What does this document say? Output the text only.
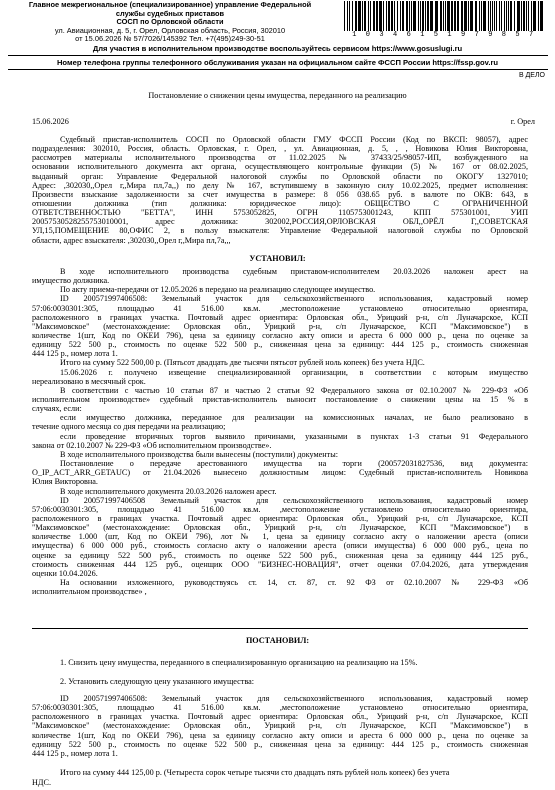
Главное межрегиональное (специализированное) управление Федеральной
службы судебных приставов
СОСП по Орловской области
ул. Авиационная, д. 5, г. Орел, Орловская область, Россия, 302010
от 15.06.2026 № 57/7026/145392 Тел. +7(495)249-30-51	1 0 3 4 6 1 5 1 9 7 9 8 5 7
Для участия в исполнительном производстве воспользуйтесь сервисом https://www.gosuslugi.ru
Номер телефона группы телефонного обслуживания указан на официальном сайте ФССП России https://fssp.gov.ru
В ДЕЛО
Постановление о снижении цены имущества, переданного на реализацию
15.06.2026	г. Орел
Судебный пристав-исполнитель СОСП по Орловской области ГМУ ФССП России (Код по ВКСП: 98057), адрес
подразделения: 302010, Россия, область. Орловская, г. Орел, , ул. Авиационная, д. 5, , , Новикова Юлия Викторовна,
рассмотрев материалы исполнительного производства от 11.02.2025 № 37433/25/98057-ИП, возбужденного на
основании исполнительного документа акт органа, осуществляющего контрольные функции (5) № 167 от 08.02.2025,
выданный орган: Управление Федеральной налоговой службы по Орловской области по ОКОГУ 1327010;
Адрес: ,302030,,Орел г,,Мира пл,7а,,) по делу № 167, вступившему в законную силу 10.02.2025, предмет исполнения:
Произвести взыскание задолженности за счет имущества в размере: 8 056 038.65 руб. в валюте по ОКВ: 643, в
отношении должника (тип должника: юридическое лицо): ОБЩЕСТВО С ОГРАНИЧЕННОЙ
ОТВЕТСТВЕННОСТЬЮ "БЕТТА", ИНН 5753052825, ОГРН 1105753001243, КПП 575301001, УИП
20057530528255753010001, адрес должника: 302002,РОССИЯ,ОРЛОВСКАЯ ОБЛ,,ОРЁЛ Г,,СОВЕТСКАЯ
УЛ,15,ПОМЕЩЕНИЕ 80,ОФИС 2, в пользу взыскателя: Управление Федеральной налоговой службы по Орловской
области, адрес взыскателя: ,302030,,Орел г,,Мира пл,7а,,,
УСТАНОВИЛ:
В ходе исполнительного производства судебным приставом-исполнителем 20.03.2026 наложен арест на
имущество должника.
По акту приема-передачи от 12.05.2026 в передано на реализацию следующее имущество.
ID 200571997406508: Земельный участок для сельскохозяйственного использования, кадастровый номер
57:06:0030301:305, площадью 41 516.00 кв.м. ,местоположение установлено относительно ориентира,
расположенного в границах участка. Почтовый адрес ориентира: Орловская обл., Урицкий р-н, с/п Луначарское, КСП
"Максимовское" (местонахождение: Орловская обл., Урицкий р-н, с/п Луначарское, КСП "Максимовское") в
количестве 1(шт, Код по ОКЕИ 796), цена за единицу согласно акту описи и ареста 6 000 000 р., цена по оценке за
единицу 522 500 р., стоимость по оценке 522 500 р., сниженная цена за единицу: 444 125 р., стоимость сниженная
444 125 р., номер лота 1.
Итого на сумму 522 500,00 р. (Пятьсот двадцать две тысячи пятьсот рублей ноль копеек) без учета НДС.
15.06.2026 г. получено извещение специализированной организации, в соответствии с которым имущество
нереализовано в месячный срок.
В соответствии с частью 10 статьи 87 и частью 2 статьи 92 Федерального закона от 02.10.2007 № 229-ФЗ «Об
исполнительном производстве» судебный пристав-исполнитель выносит постановление о снижении цены на 15 % в
случаях, если:
если имущество должника, переданное для реализации на комиссионных началах, не было реализовано в
течение одного месяца со дня передачи на реализацию;
если проведение вторичных торгов выявило причинами, указанными в пунктах 1-3 статьи 91 Федерального
закона от 02.10.2007 № 229-ФЗ «Об исполнительном производстве».
В ходе исполнительного производства были вынесены (поступили) документы:
Постановление о передаче арестованного имущества на торги (200572031827536, вид документа:
O_IP_ACT_ARR_GETAUC) от 21.04.2026 вынесено должностным лицом: Судебный пристав-исполнитель Новикова
Юлия Викторовна.
В ходе исполнительного документа 20.03.2026 наложен арест.
ID 200571997406508 Земельный участок для сельскохозяйственного использования, кадастровый номер
57:06:0030301:305, площадью 41 516.00 кв.м. ,местоположение установлено относительно ориентира,
расположенного в границах участка. Почтовый адрес ориентира: Орловская обл., Урицкий р-н, с/п Луначарское, КСП
"Максимовское" (местонахождение: Орловская обл., Урицкий р-н, с/п Луначарское, КСП "Максимовское") в
количестве 1.000 (шт, Код по ОКЕИ 796), лот № 1, цена за единицу согласно акту о наложении ареста (описи
имущества) 6 000 000 руб., стоимость согласно акту о наложении ареста (описи имущества) 6 000 000 руб., цена по
оценке за единицу 522 500 руб., стоимость по оценке 522 500 руб., сниженная цена за единицу 444 125 руб.,
стоимость сниженная 444 125 руб., оценщик ООО "БИЗНЕС-НОВАЦИЯ", отчет оценки 07.04.2026, дата утверждения
оценки 10.04.2026.
На основании изложенного, руководствуясь ст. 14, ст. 87, ст. 92 ФЗ от 02.10.2007 № 229-ФЗ «Об
исполнительном производстве» ,
ПОСТАНОВИЛ:
1. Снизить цену имущества, переданного в специализированную организацию на реализацию на 15%.
2. Установить следующую цену указанного имущества:
ID 200571997406508: Земельный участок для сельскохозяйственного использования, кадастровый номер
57:06:0030301:305, площадью 41 516.00 кв.м. ,местоположение установлено относительно ориентира,
расположенного в границах участка. Почтовый адрес ориентира: Орловская обл., Урицкий р-н, с/п Луначарское, КСП
"Максимовское" (местонахождение: Орловская обл., Урицкий р-н, с/п Луначарское, КСП "Максимовское") в
количестве 1(шт, Код по ОКЕИ 796), цена за единицу согласно акту описи и ареста 6 000 000 р., цена по оценке за
единицу 522 500 р., стоимость по оценке 522 500 р., сниженная цена за единицу: 444 125 р., стоимость сниженная
444 125 р., номер лота 1.
Итого на сумму 444 125,00 р. (Четыреста сорок четыре тысячи сто двадцать пять рублей ноль копеек) без учета
НДС.
